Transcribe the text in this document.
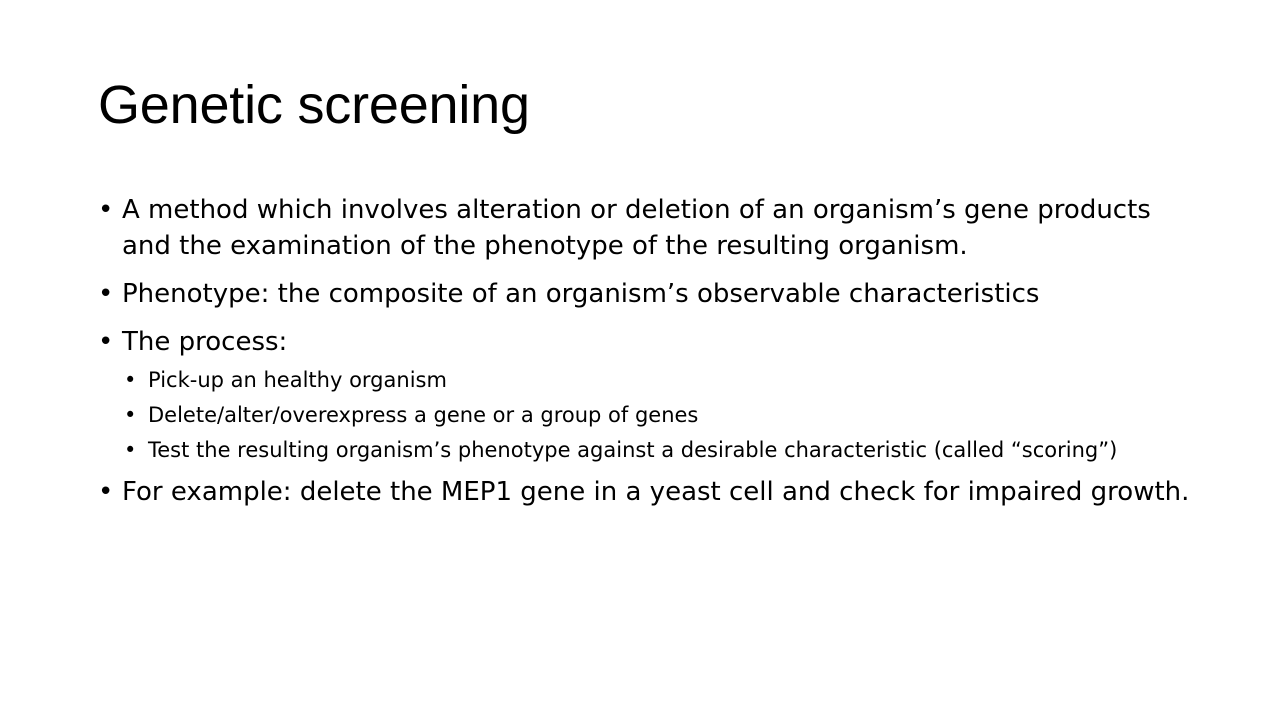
Genetic screening
• A method which involves alteration or deletion of an organism’s gene products and the examination of the phenotype of the resulting organism.
• Phenotype: the composite of an organism’s observable characteristics
• The process:
• Pick-up an healthy organism
• Delete/alter/overexpress a gene or a group of genes
• Test the resulting organism’s phenotype against a desirable characteristic (called “scoring”)
• For example: delete the MEP1 gene in a yeast cell and check for impaired growth.
